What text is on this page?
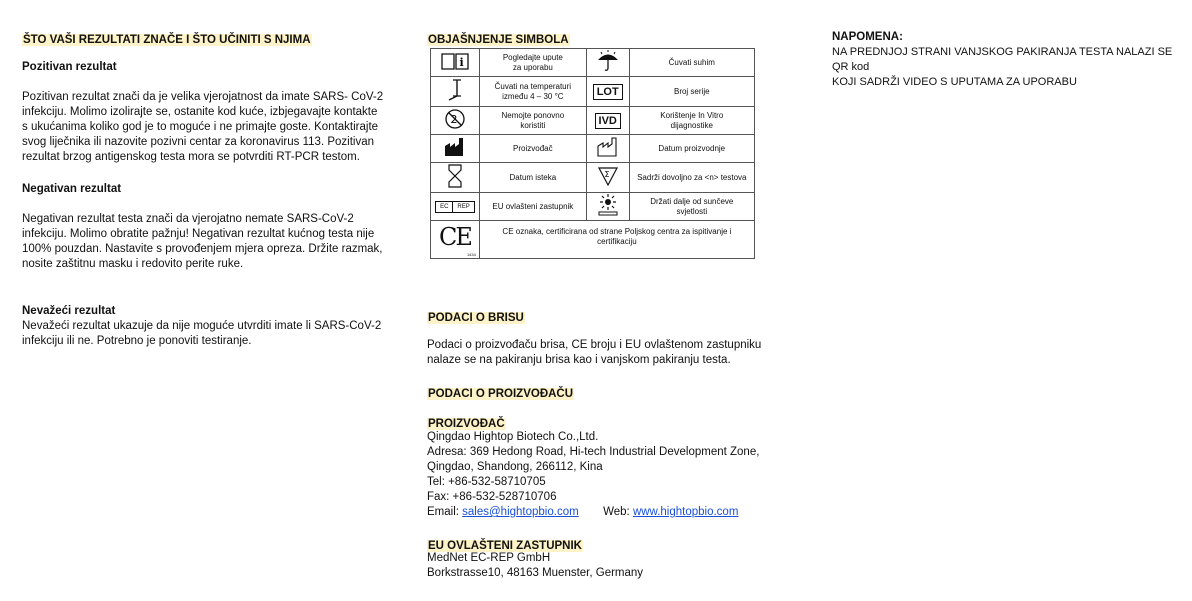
ŠTO VAŠI REZULTATI ZNAČE I ŠTO UČINITI S NJIMA
Pozitivan rezultat

Pozitivan rezultat znači da je velika vjerojatnost da imate SARS- CoV-2

infekciju. Molimo izolirajte se, ostanite kod kuće, izbjegavajte kontakte

s ukućanima koliko god je to moguće i ne primajte goste. Kontaktirajte

svog liječnika ili nazovite pozivni centar za koronavirus 113. Pozitivan

rezultat brzog antigenskog testa mora se potvrditi RT-PCR testom.

Negativan rezultat

Negativan rezultat testa znači da vjerojatno nemate SARS-CoV-2

infekciju. Molimo obratite pažnju! Negativan rezultat kućnog testa nije

100% pouzdan. Nastavite s provođenjem mjera opreza. Držite razmak,

nosite zaštitnu masku i redovito perite ruke.

Nevažeći rezultat

Nevažeći rezultat ukazuje da nije moguće utvrditi imate li SARS-CoV-2

infekciju ili ne. Potrebno je ponoviti testiranje.

OBJAŠNJENJE SIMBOLA
i	Pogledajte upute
za uporabu		Čuvati suhim
	Čuvati na temperaturi
između 4 – 30 °C	LOT	Broj serije

2	Nemojte ponovno
koristiti	IVD	Korištenje In Vitro
dijagnostike
	Proizvođač		Datum proizvodnje
	Datum isteka	Σ	Sadrži dovoljno za <n> testova

EC REP	EU ovlašteni zastupnik		Držati dalje od sunčeve
svjetlosti
CE
1434	CE oznaka, certificirana od strane Poljskog centra za ispitivanje i
certifikaciju		
PODACI O BRISU

Podaci o proizvođaču brisa, CE broju i EU ovlaštenom zastupniku

nalaze se na pakiranju brisa kao i vanjskom pakiranju testa.

PODACI O PROIZVOĐAČU
PROIZVOĐAČ

Qingdao Hightop Biotech Co.,Ltd.

Adresa: 369 Hedong Road, Hi-tech Industrial Development Zone,

Qingdao, Shandong, 266112, Kina

Tel: +86-532-58710705

Fax: +86-532-528710706

Email: sales@hightopbio.com Web: www.hightopbio.com

EU OVLAŠTENI ZASTUPNIK

MedNet EC-REP GmbH

Borkstrasse10, 48163 Muenster, Germany

NAPOMENA:

NA PREDNJOJ STRANI VANJSKOG PAKIRANJA TESTA NALAZI SE QR kod

KOJI SADRŽI VIDEO S UPUTAMA ZA UPORABU
